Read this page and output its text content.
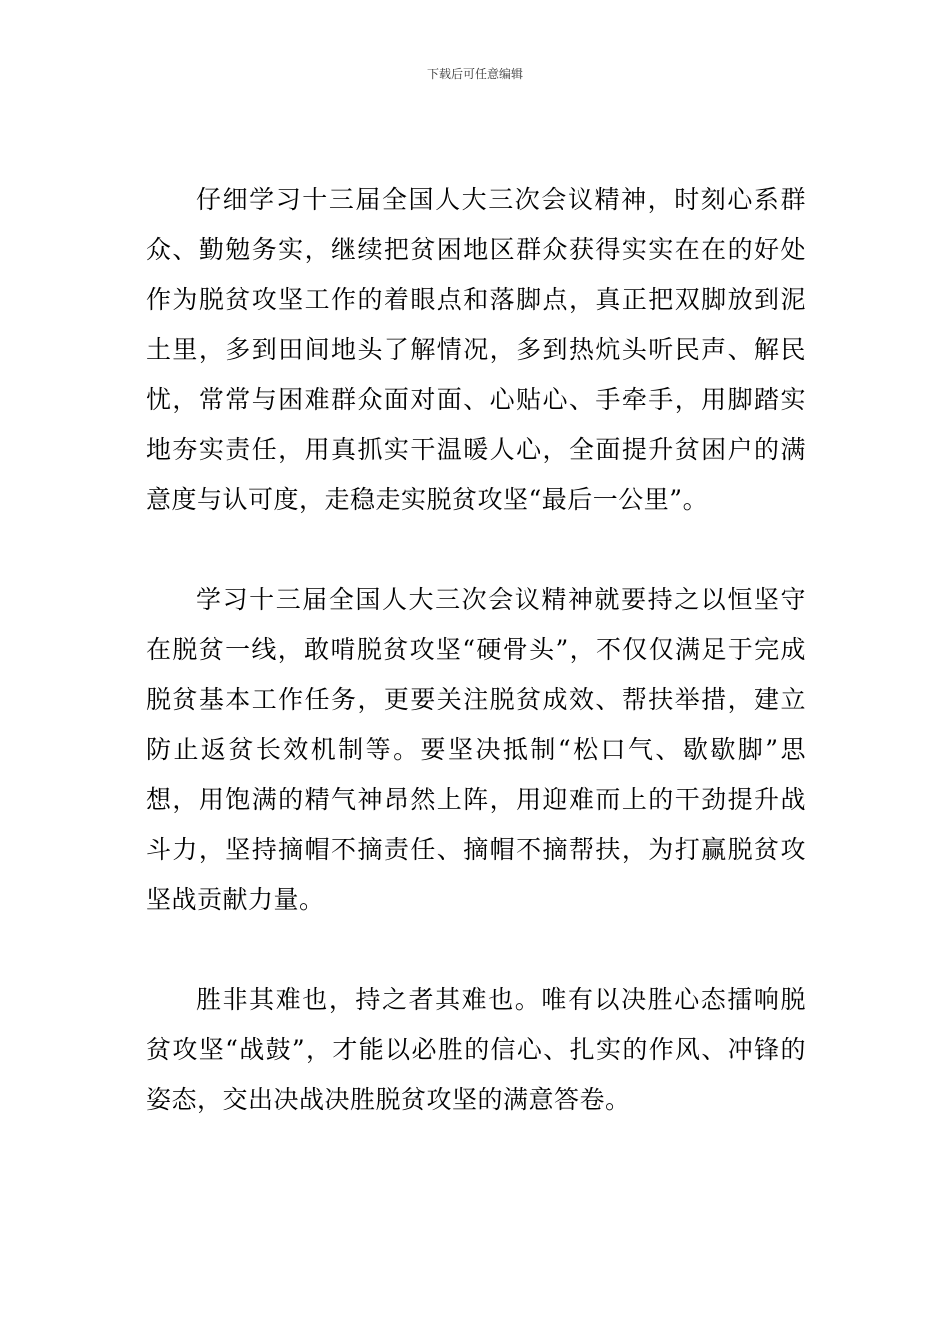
下载后可任意编辑

仔细学习十三届全国人大三次会议精神，时刻心系群众、勤勉务实，继续把贫困地区群众获得实实在在的好处作为脱贫攻坚工作的着眼点和落脚点，真正把双脚放到泥土里，多到田间地头了解情况，多到热炕头听民声、解民忧，常常与困难群众面对面、心贴心、手牵手，用脚踏实地夯实责任，用真抓实干温暖人心，全面提升贫困户的满意度与认可度，走稳走实脱贫攻坚“最后一公里”。

学习十三届全国人大三次会议精神就要持之以恒坚守在脱贫一线，敢啃脱贫攻坚“硬骨头”，不仅仅满足于完成脱贫基本工作任务，更要关注脱贫成效、帮扶举措，建立防止返贫长效机制等。要坚决抵制“松口气、歇歇脚”思想，用饱满的精气神昂然上阵，用迎难而上的干劲提升战斗力，坚持摘帽不摘责任、摘帽不摘帮扶，为打赢脱贫攻坚战贡献力量。

胜非其难也，持之者其难也。唯有以决胜心态擂响脱贫攻坚“战鼓”，才能以必胜的信心、扎实的作风、冲锋的姿态，交出决战决胜脱贫攻坚的满意答卷。
